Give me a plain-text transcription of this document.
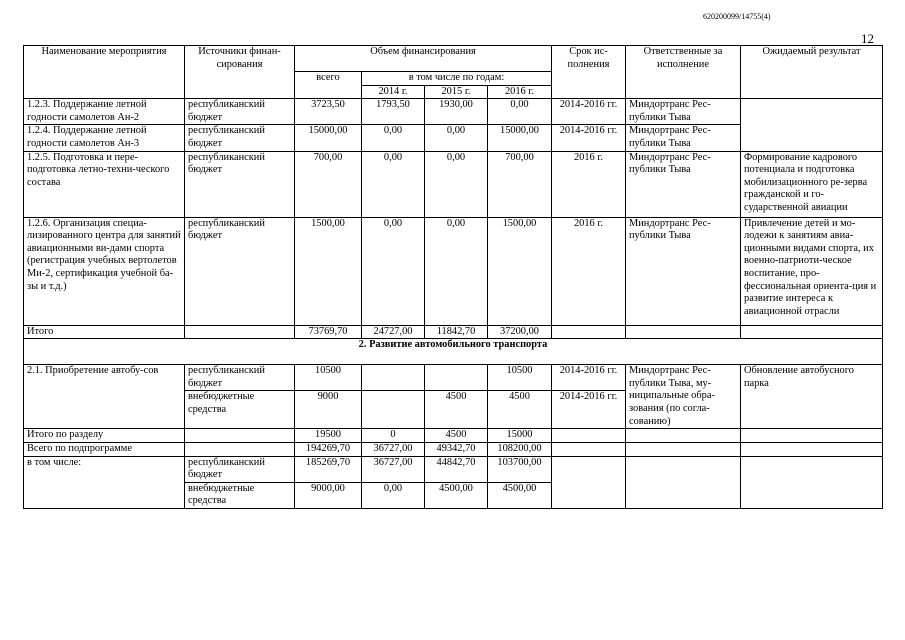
620200099/14755(4)
12
Наименование мероприятия	Источники финан-сирования	Объем финансирования				Срок ис-полнения	Ответственные за исполнение	Ожидаемый результат
		всего	в том числе по годам:					
			2014 г.	2015 г.	2016 г.			
1.2.3. Поддержание летной годности самолетов Ан-2	республиканский бюджет	3723,50	1793,50	1930,00	0,00	2014-2016 гг.	Миндортранс Рес-публики Тыва	
1.2.4. Поддержание летной годности самолетов Ан-3	республиканский бюджет	15000,00	0,00	0,00	15000,00	2014-2016 гг.	Миндортранс Рес-публики Тыва	
1.2.5. Подготовка и пере-подготовка летно-техни-ческого состава	республиканский бюджет	700,00	0,00	0,00	700,00	2016 г.	Миндортранс Рес-публики Тыва	Формирование кадрового потенциала и подготовка мобилизационного ре-зерва гражданской и го-сударственной авиации
1.2.6. Организация специа-лизированного центра для занятий авиационными ви-дами спорта (регистрация учебных вертолетов Ми-2, сертификация учебной ба-зы и т.д.)	республиканский бюджет	1500,00	0,00	0,00	1500,00	2016 г.	Миндортранс Рес-публики Тыва	Привлечение детей и мо-лодежи к занятиям авиа-ционными видами спорта, их военно-патриоти-ческое воспитание, про-фессиональная ориента-ция и развитие интереса к авиационной отрасли
Итого		73769,70	24727,00	11842,70	37200,00			
2. Развитие автомобильного транспорта								
2.1. Приобретение автобу-сов	республиканский бюджет	10500			10500	2014-2016 гг.	Миндортранс Рес-публики Тыва, му-ниципальные обра-зования (по согла-сованию)	Обновление автобусного парка
	внебюджетные средства	9000		4500	4500	2014-2016 гг.		
Итого по разделу		19500	0	4500	15000			
Всего по подпрограмме		194269,70	36727,00	49342,70	108200,00			
в том числе:	республиканский бюджет	185269,70	36727,00	44842,70	103700,00			
	внебюджетные средства	9000,00	0,00	4500,00	4500,00			
